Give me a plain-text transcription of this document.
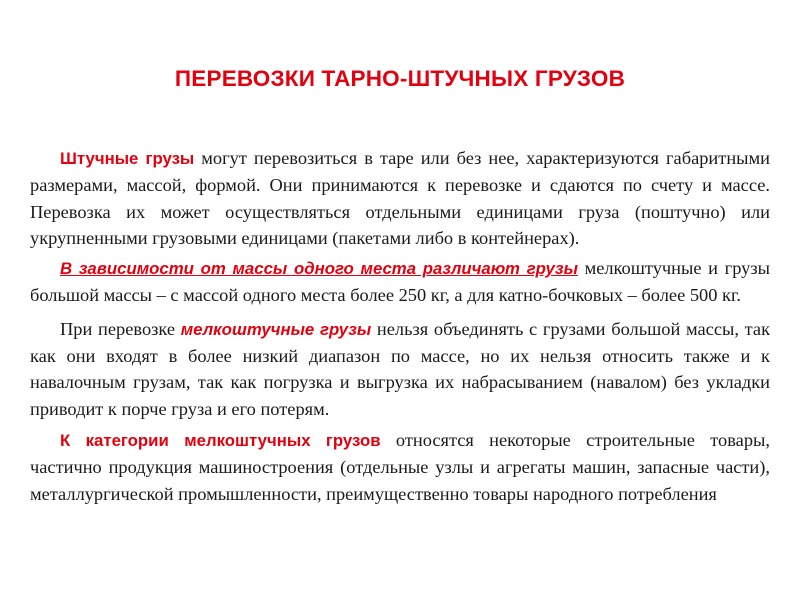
ПЕРЕВОЗКИ ТАРНО-ШТУЧНЫХ ГРУЗОВ

Штучные грузы могут перевозиться в таре или без нее, характеризуются габаритными размерами, массой, формой. Они принимаются к перевозке и сдаются по счету и массе. Перевозка их может осуществляться отдельными единицами груза (поштучно) или укрупненными грузовыми единицами (пакетами либо в контейнерах).

В зависимости от массы одного места различают грузы мелкоштучные и грузы большой массы – с массой одного места более 250 кг, а для катно-бочковых – более 500 кг.

При перевозке мелкоштучные грузы нельзя объединять с грузами большой массы, так как они входят в более низкий диапазон по массе, но их нельзя относить также и к навалочным грузам, так как погрузка и выгрузка их набрасыванием (навалом) без укладки приводит к порче груза и его потерям.

К категории мелкоштучных грузов относятся некоторые строительные товары, частично продукция машиностроения (отдельные узлы и агрегаты машин, запасные части), металлургической промышленности, преимущественно товары народного потребления
